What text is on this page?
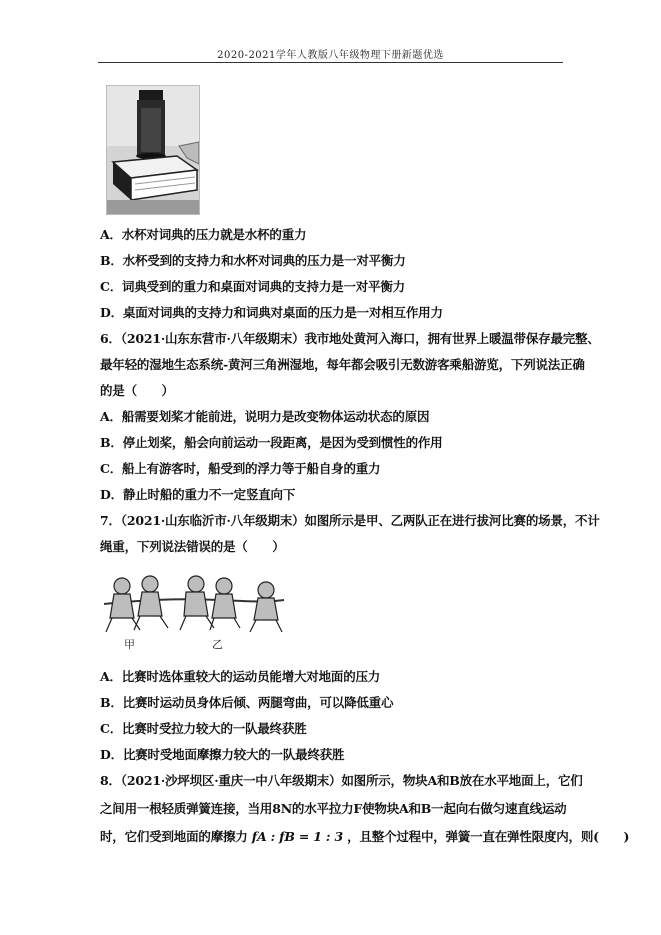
2020-2021学年人教版八年级物理下册新题优选
A．水杯对词典的压力就是水杯的重力
B．水杯受到的支持力和水杯对词典的压力是一对平衡力
C．词典受到的重力和桌面对词典的支持力是一对平衡力
D．桌面对词典的支持力和词典对桌面的压力是一对相互作用力
6．（2021·山东东营市·八年级期末）我市地处黄河入海口，拥有世界上暖温带保存最完整、
最年轻的湿地生态系统-黄河三角洲湿地，每年都会吸引无数游客乘船游览，下列说法正确
的是（　　）
A．船需要划桨才能前进，说明力是改变物体运动状态的原因
B．停止划桨，船会向前运动一段距离，是因为受到惯性的作用
C．船上有游客时，船受到的浮力等于船自身的重力
D．静止时船的重力不一定竖直向下
7．（2021·山东临沂市·八年级期末）如图所示是甲、乙两队正在进行拔河比赛的场景，不计
绳重，下列说法错误的是（　　）
甲	乙
A．比赛时选体重较大的运动员能增大对地面的压力
B．比赛时运动员身体后倾、两腿弯曲，可以降低重心
C．比赛时受拉力较大的一队最终获胜
D．比赛时受地面摩擦力较大的一队最终获胜
8．（2021·沙坪坝区·重庆一中八年级期末）如图所示，物块A和B放在水平地面上，它们
之间用一根轻质弹簧连接，当用8N的水平拉力F使物块A和B一起向右做匀速直线运动
时，它们受到地面的摩擦力 fA : fB = 1 : 3 ，且整个过程中，弹簧一直在弹性限度内，则(　　)
